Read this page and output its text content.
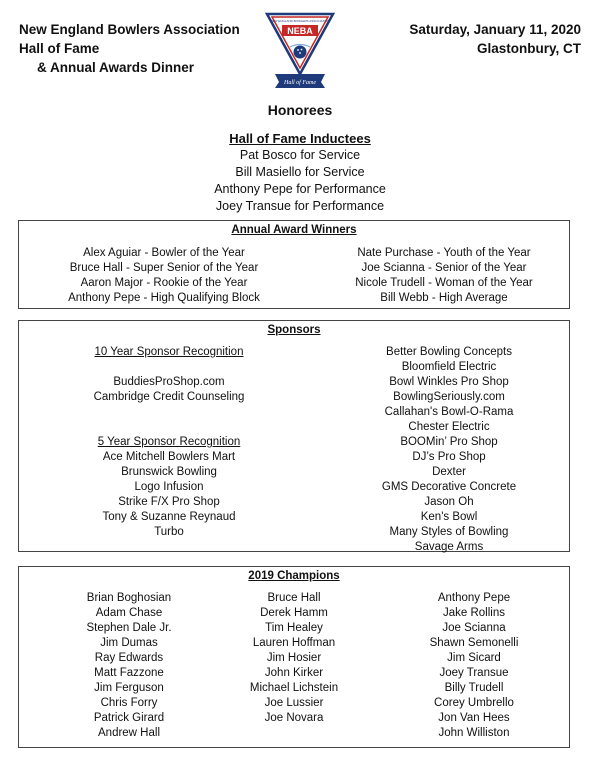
New England Bowlers Association
Hall of Fame
& Annual Awards Dinner
Saturday, January 11, 2020
Glastonbury, CT
NEW ENGLAND BOWLERS ASSOCIATION
NEBA
Hall of Fame
Honorees
Hall of Fame Inductees
Pat Bosco for Service
Bill Masiello for Service
Anthony Pepe for Performance
Joey Transue for Performance
Annual Award Winners
Alex Aguiar - Bowler of the Year
Bruce Hall - Super Senior of the Year
Aaron Major - Rookie of the Year
Anthony Pepe - High Qualifying Block
Nate Purchase - Youth of the Year
Joe Scianna - Senior of the Year
Nicole Trudell - Woman of the Year
Bill Webb - High Average
Sponsors
10 Year Sponsor Recognition

BuddiesProShop.com
Cambridge Credit Counseling
5 Year Sponsor Recognition
Ace Mitchell Bowlers Mart
Brunswick Bowling
Logo Infusion
Strike F/X Pro Shop
Tony & Suzanne Reynaud
Turbo
Better Bowling Concepts
Bloomfield Electric
Bowl Winkles Pro Shop
BowlingSeriously.com
Callahan's Bowl-O-Rama
Chester Electric
BOOMin’ Pro Shop
DJ’s Pro Shop
Dexter
GMS Decorative Concrete
Jason Oh
Ken's Bowl
Many Styles of Bowling
Savage Arms
2019 Champions
Brian Boghosian
Adam Chase
Stephen Dale Jr.
Jim Dumas
Ray Edwards
Matt Fazzone
Jim Ferguson
Chris Forry
Patrick Girard
Andrew Hall
Bruce Hall
Derek Hamm
Tim Healey
Lauren Hoffman
Jim Hosier
John Kirker
Michael Lichstein
Joe Lussier
Joe Novara
Anthony Pepe
Jake Rollins
Joe Scianna
Shawn Semonelli
Jim Sicard
Joey Transue
Billy Trudell
Corey Umbrello
Jon Van Hees
John Williston
